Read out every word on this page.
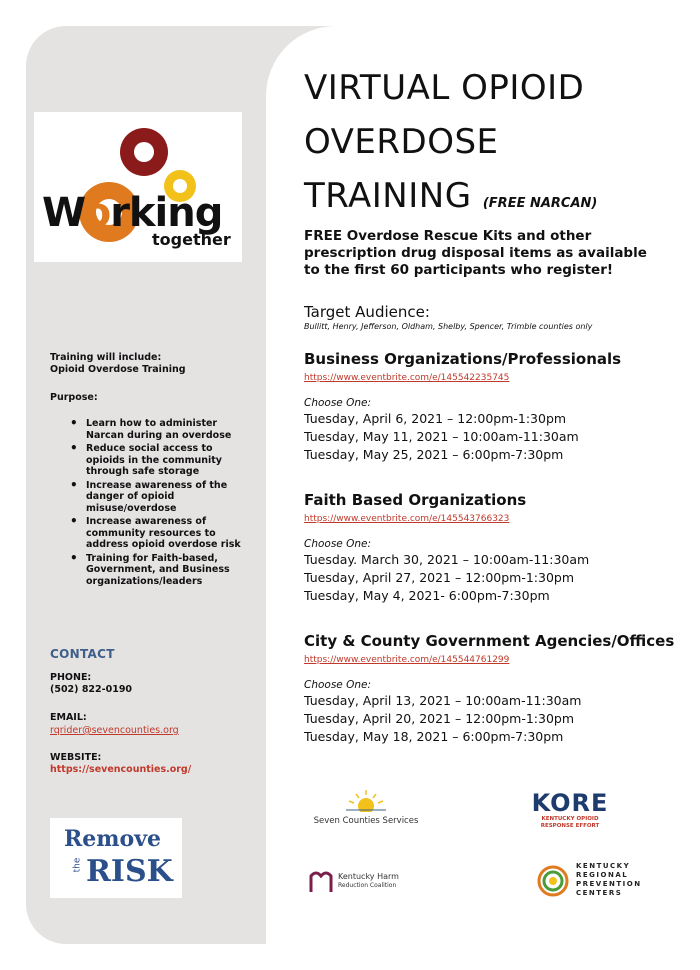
Working
together
Training will include:
Opioid Overdose Training
Purpose:
• Learn how to administer Narcan during an overdose
• Reduce social access to opioids in the community through safe storage
• Increase awareness of the danger of opioid misuse/overdose
• Increase awareness of community resources to address opioid overdose risk
• Training for Faith-based, Government, and Business organizations/leaders
CONTACT
PHONE:
(502) 822-0190
EMAIL:
rqrider@sevencounties.org
WEBSITE:
https://sevencounties.org/
Remove
the RISK
VIRTUAL OPIOID
OVERDOSE
TRAINING (FREE NARCAN)
FREE Overdose Rescue Kits and other prescription drug disposal items as available to the first 60 participants who register!
Target Audience:
Bullitt, Henry, Jefferson, Oldham, Shelby, Spencer, Trimble counties only
Business Organizations/Professionals
https://www.eventbrite.com/e/145542235745
Choose One:
Tuesday, April 6, 2021 – 12:00pm-1:30pm
Tuesday, May 11, 2021 – 10:00am-11:30am
Tuesday, May 25, 2021 – 6:00pm-7:30pm
Faith Based Organizations
https://www.eventbrite.com/e/145543766323
Choose One:
Tuesday. March 30, 2021 – 10:00am-11:30am
Tuesday, April 27, 2021 – 12:00pm-1:30pm
Tuesday, May 4, 2021- 6:00pm-7:30pm
City & County Government Agencies/Offices
https://www.eventbrite.com/e/145544761299
Choose One:
Tuesday, April 13, 2021 – 10:00am-11:30am
Tuesday, April 20, 2021 – 12:00pm-1:30pm
Tuesday, May 18, 2021 – 6:00pm-7:30pm
Seven Counties Services
KORE
KENTUCKY OPIOID
RESPONSE EFFORT
Kentucky Harm
Reduction Coalition
KENTUCKY
REGIONAL
PREVENTION
CENTERS
